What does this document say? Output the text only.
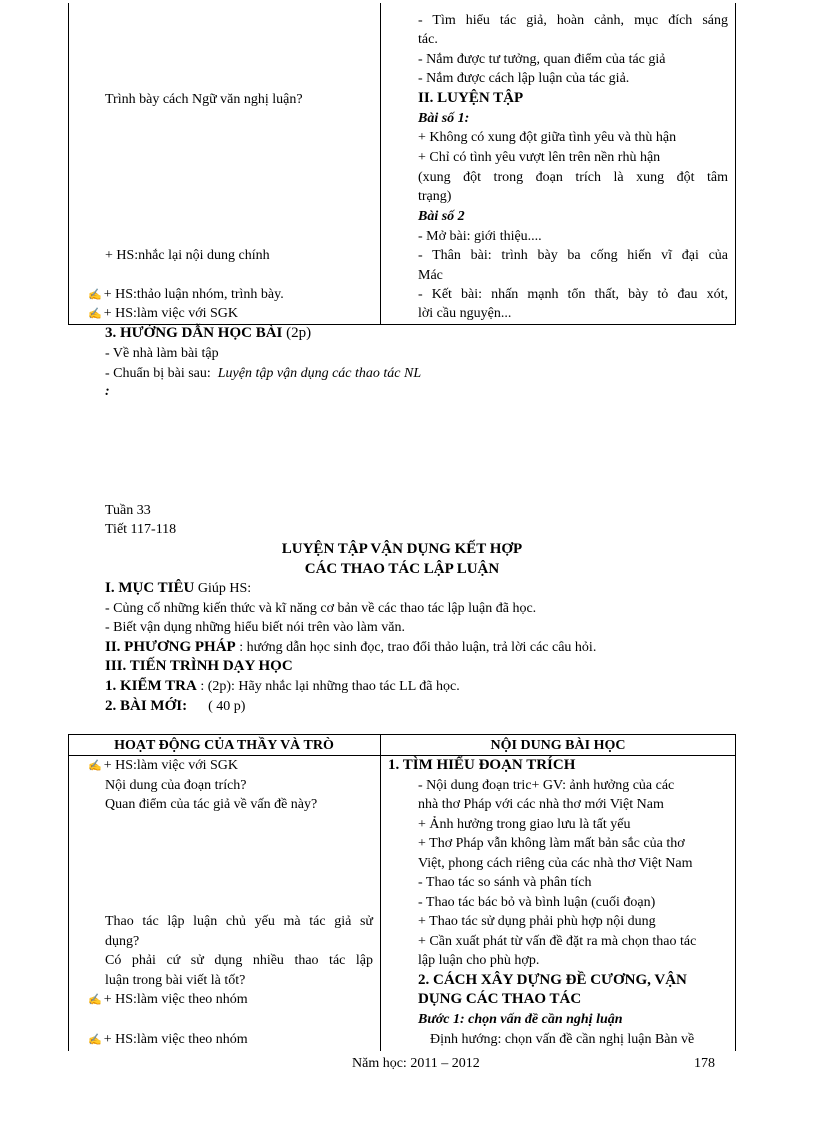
Trình bày cách Ngữ văn nghị luận?
+ HS:nhắc lại nội dung chính
✍ + HS:thảo luận nhóm, trình bày.
✍ + HS:làm việc với SGK
- Tìm hiểu tác giả, hoàn cảnh, mục đích sáng
tác.
- Nắm được tư tưởng, quan điểm của tác giả
- Nắm được cách lập luận của tác giả.
II. LUYỆN TẬP
Bài số 1:
+ Không có xung đột giữa tình yêu và thù hận
+ Chỉ có tình yêu vượt lên trên nền rhù hận
(xung đột trong đoạn trích là xung đột tâm
trạng)
Bài số 2
- Mở bài: giới thiệu....
- Thân bài: trình bày ba cống hiến vĩ đại của
Mác
- Kết bài: nhấn mạnh tổn thất, bày tỏ đau xót,
lời cầu nguyện...
3. HƯỚNG DẪN HỌC BÀI (2p)
- Về nhà làm bài tập
- Chuẩn bị bài sau: Luyện tập vận dụng các thao tác NL
:
Tuần 33
Tiết 117-118
LUYỆN TẬP VẬN DỤNG KẾT HỢP
CÁC THAO TÁC LẬP LUẬN
I. MỤC TIÊU Giúp HS:
- Củng cố những kiến thức và kĩ năng cơ bản về các thao tác lập luận đã học.
- Biết vận dụng những hiểu biết nói trên vào làm văn.
II. PHƯƠNG PHÁP : hướng dẫn học sinh đọc, trao đổi thảo luận, trả lời các câu hỏi.
III. TIẾN TRÌNH DẠY HỌC
1. KIỂM TRA : (2p): Hãy nhắc lại những thao tác LL đã học.
2. BÀI MỚI: ( 40 p)
HOẠT ĐỘNG CỦA THẦY VÀ TRÒ	NỘI DUNG BÀI HỌC
✍ + HS:làm việc với SGK
Nội dung của đoạn trích?
Quan điểm của tác giả về vấn đề này?
Thao tác lập luận chủ yếu mà tác giả sử
dụng?
Có phải cứ sử dụng nhiều thao tác lập
luận trong bài viết là tốt?
✍ + HS:làm việc theo nhóm
✍ + HS:làm việc theo nhóm
1. TÌM HIỂU ĐOẠN TRÍCH
- Nội dung đoạn tric+ GV: ảnh hưởng của các
nhà thơ Pháp với các nhà thơ mới Việt Nam
+ Ảnh hưởng trong giao lưu là tất yếu
+ Thơ Pháp vẫn không làm mất bản sắc của thơ
Việt, phong cách riêng của các nhà thơ Việt Nam
- Thao tác so sánh và phân tích
- Thao tác bác bỏ và bình luận (cuối đoạn)
+ Thao tác sử dụng phải phù hợp nội dung
+ Cần xuất phát từ vấn đề đặt ra mà chọn thao tác
lập luận cho phù hợp.
2. CÁCH XÂY DỰNG ĐỀ CƯƠNG, VẬN
DỤNG CÁC THAO TÁC
Bước 1: chọn vấn đề cần nghị luận
Định hướng: chọn vấn đề cần nghị luận Bàn về
Năm học: 2011 – 2012	178
